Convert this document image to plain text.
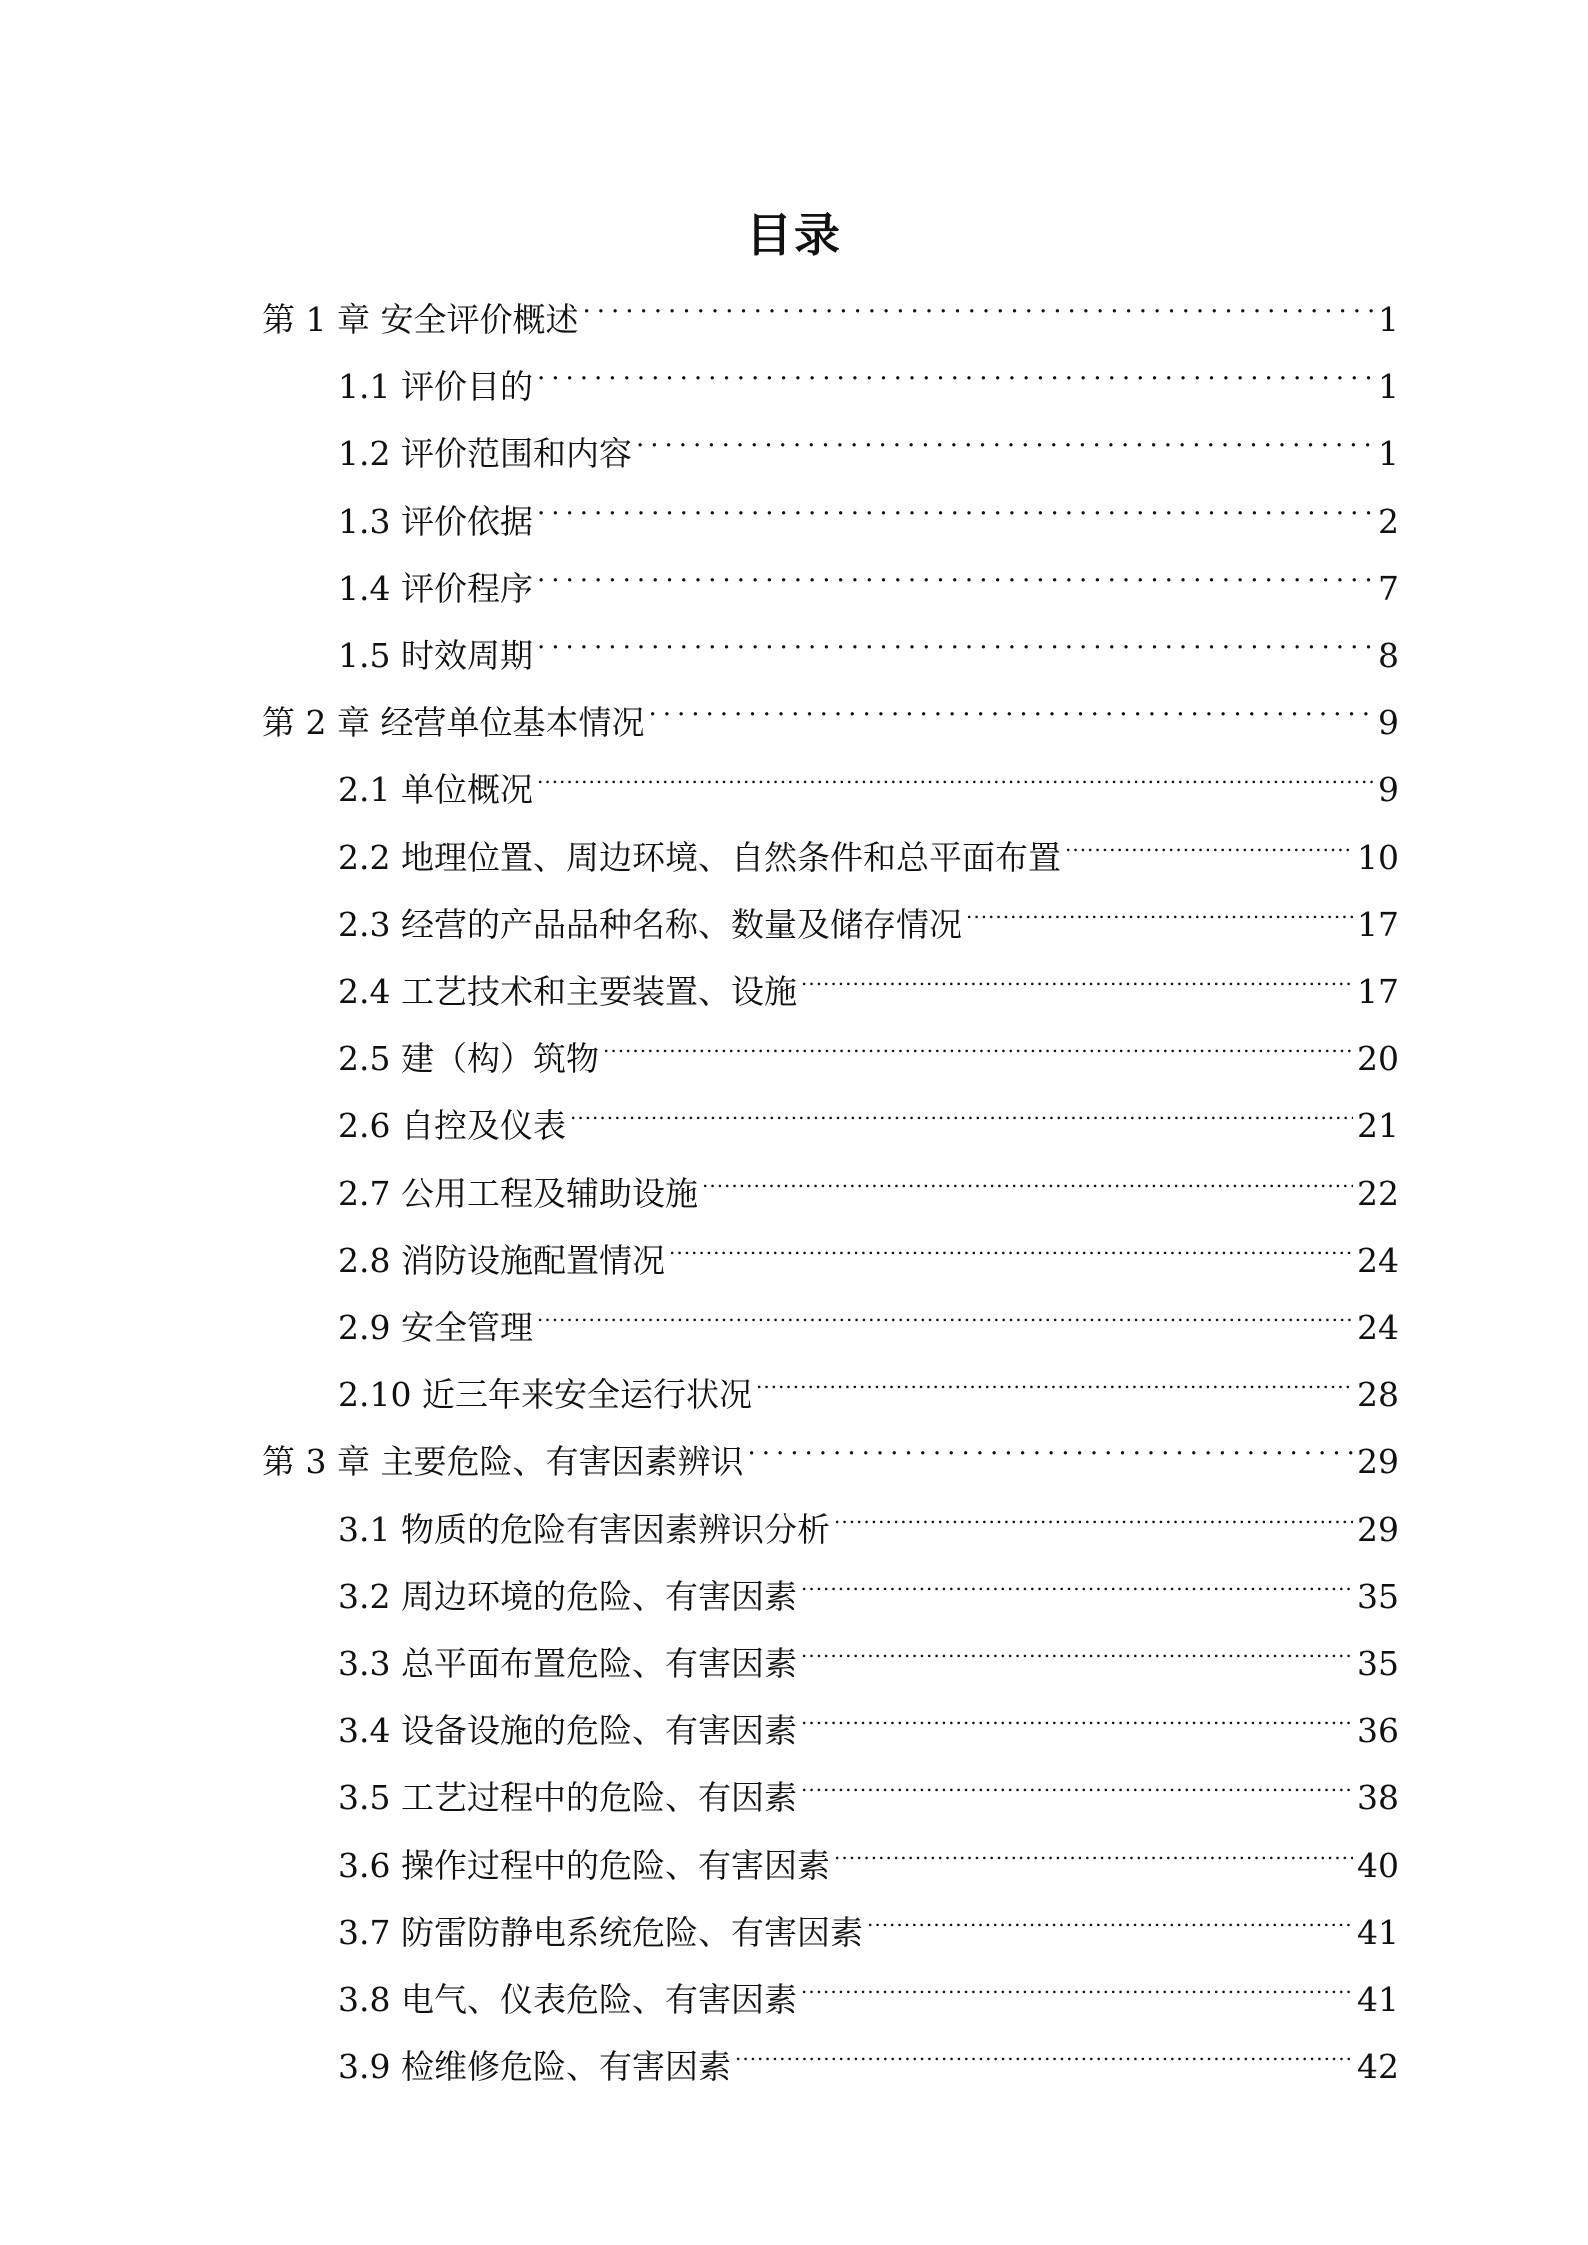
目录
第 1 章 安全评价概述 .....	1
1.1 评价目的 .....	1
1.2 评价范围和内容 .....	1
1.3 评价依据 .....	2
1.4 评价程序 .....	7
1.5 时效周期 .....	8
第 2 章 经营单位基本情况 .....	9
2.1 单位概况 .....	9
2.2 地理位置、周边环境、自然条件和总平面布置 .....	10
2.3 经营的产品品种名称、数量及储存情况 .....	17
2.4 工艺技术和主要装置、设施 .....	17
2.5 建（构）筑物 .....	20
2.6 自控及仪表 .....	21
2.7 公用工程及辅助设施 .....	22
2.8 消防设施配置情况 .....	24
2.9 安全管理 .....	24
2.10 近三年来安全运行状况 .....	28
第 3 章 主要危险、有害因素辨识 .....	29
3.1 物质的危险有害因素辨识分析 .....	29
3.2 周边环境的危险、有害因素 .....	35
3.3 总平面布置危险、有害因素 .....	35
3.4 设备设施的危险、有害因素 .....	36
3.5 工艺过程中的危险、有因素 .....	38
3.6 操作过程中的危险、有害因素 .....	40
3.7 防雷防静电系统危险、有害因素 .....	41
3.8 电气、仪表危险、有害因素 .....	41
3.9 检维修危险、有害因素 .....	42
